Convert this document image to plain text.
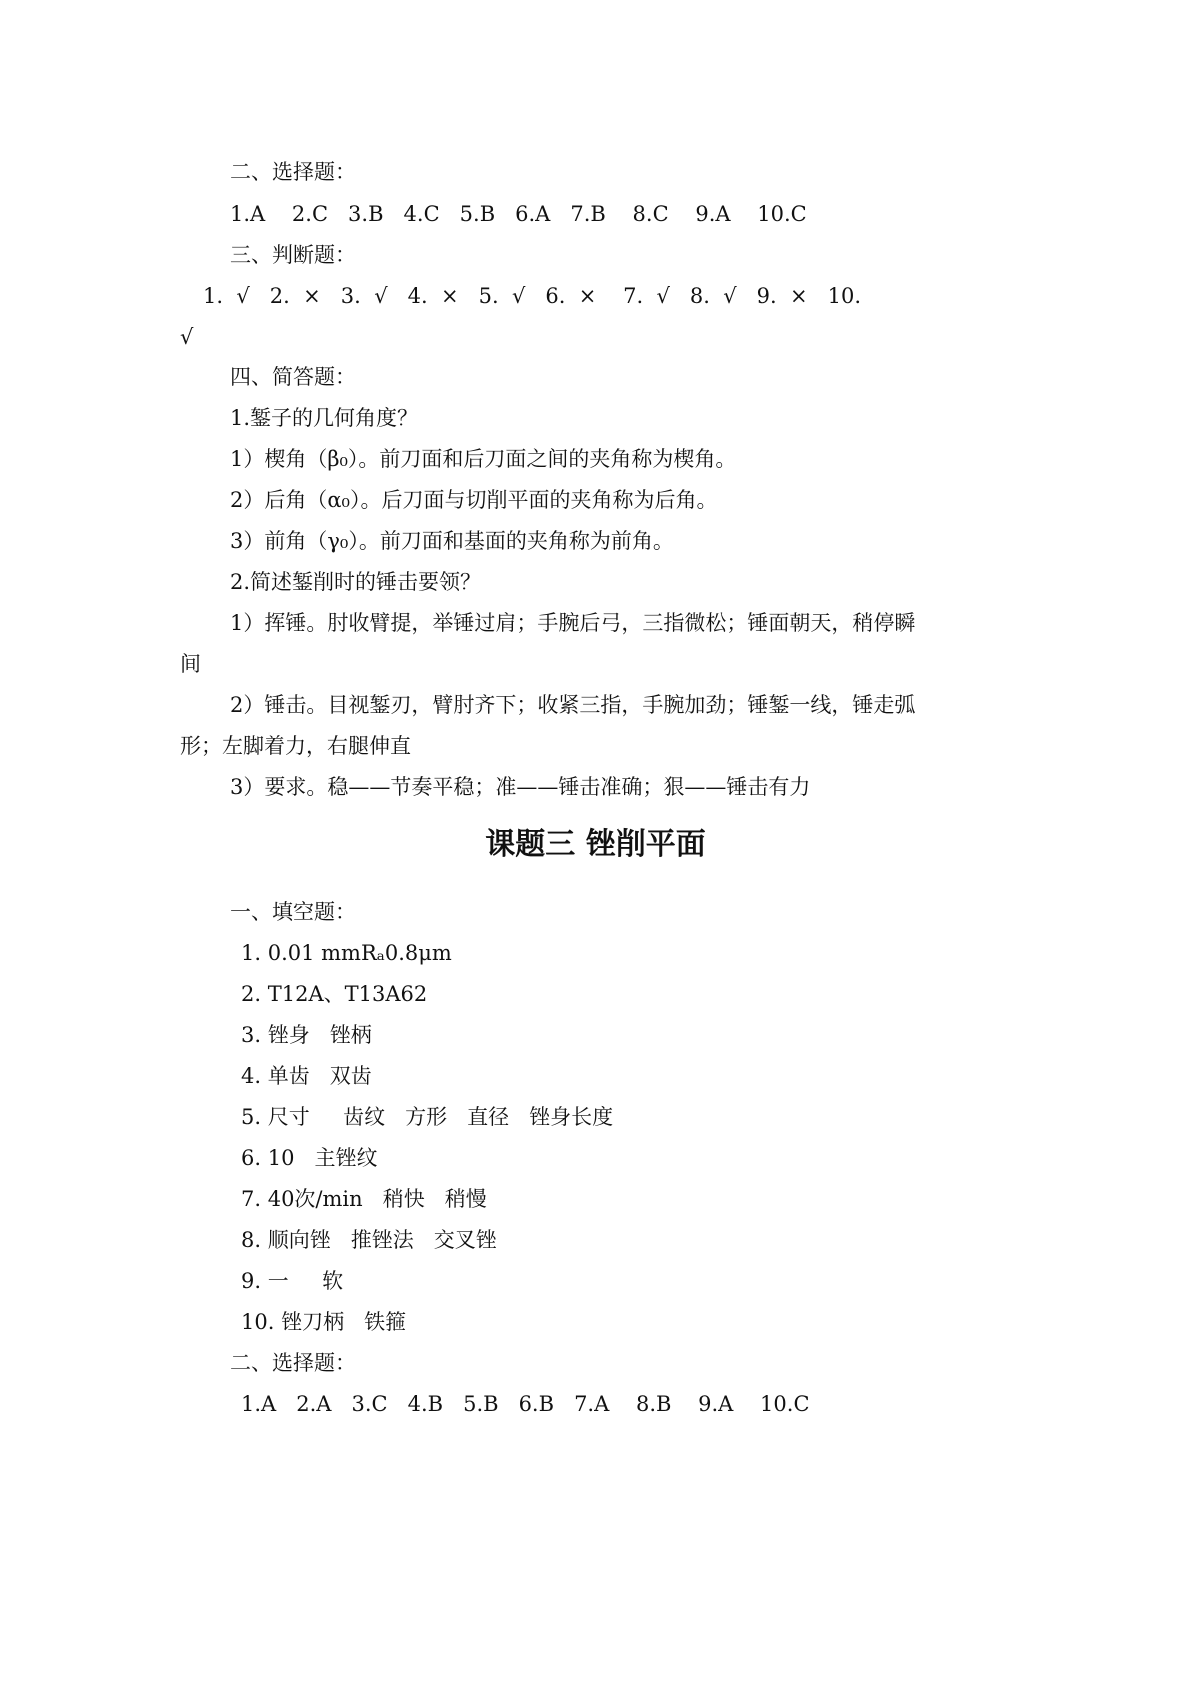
二、选择题：
1.A    2.C   3.B   4.C   5.B   6.A   7.B    8.C    9.A    10.C
三、判断题：
1.  √   2.  ×   3.  √   4.  ×   5.  √   6.  ×    7.  √   8.  √   9.  ×   10.
√
四、简答题：
1.錾子的几何角度？
1）楔角（β₀）。前刀面和后刀面之间的夹角称为楔角。
2）后角（α₀）。后刀面与切削平面的夹角称为后角。
3）前角（γ₀）。前刀面和基面的夹角称为前角。
2.简述錾削时的锤击要领？
1）挥锤。肘收臂提，举锤过肩；手腕后弓，三指微松；锤面朝天，稍停瞬
间
2）锤击。目视錾刃，臂肘齐下；收紧三指，手腕加劲；锤錾一线，锤走弧
形；左脚着力，右腿伸直
3）要求。稳——节奏平稳；准——锤击准确；狠——锤击有力
课题三 锉削平面
一、填空题：
1. 0.01 mmRₐ0.8μm
2. T12A、T13A62
3. 锉身   锉柄
4. 单齿   双齿
5. 尺寸     齿纹   方形   直径   锉身长度
6. 10   主锉纹
7. 40次/min   稍快   稍慢
8. 顺向锉   推锉法   交叉锉
9. 一     软
10. 锉刀柄   铁箍
二、选择题：
1.A   2.A   3.C   4.B   5.B   6.B   7.A    8.B    9.A    10.C
